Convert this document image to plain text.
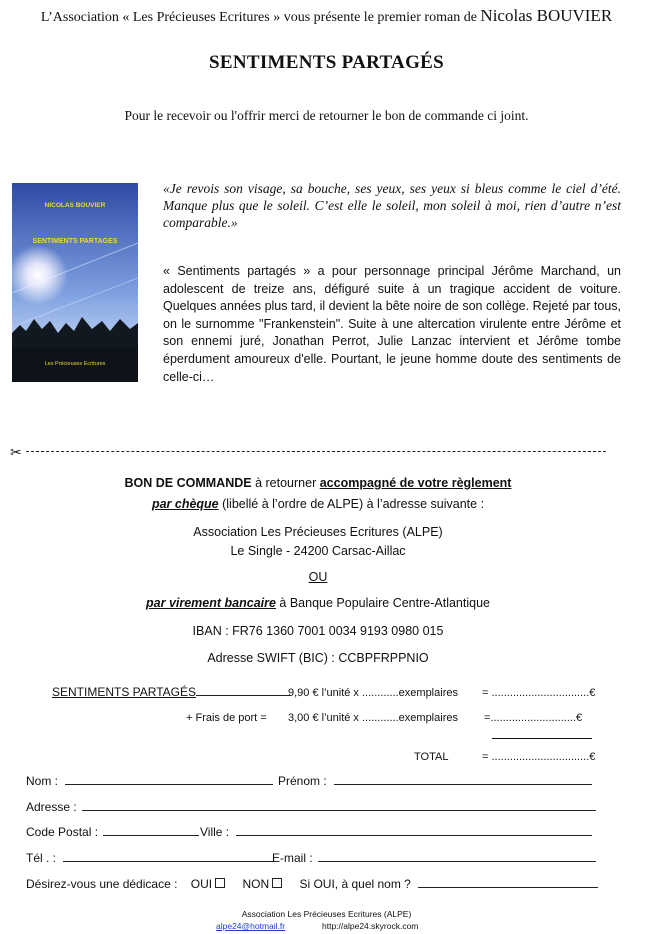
L’Association « Les Précieuses Ecritures » vous présente le premier roman de Nicolas BOUVIER
SENTIMENTS PARTAGÉS
Pour le recevoir ou l'offrir merci de retourner le bon de commande ci joint.
NICOLAS BOUVIER
SENTIMENTS PARTAGES
Les Précieuses Ecritures
«Je revois son visage, sa bouche, ses yeux, ses yeux si bleus comme le ciel d’été. Manque plus que le soleil. C’est elle le soleil, mon soleil à moi, rien d’autre n’est comparable.»
« Sentiments partagés » a pour personnage principal Jérôme Marchand, un adolescent de treize ans, défiguré suite à un tragique accident de voiture. Quelques années plus tard, il devient la bête noire de son collège. Rejeté par tous, on le surnomme "Frankenstein". Suite à une altercation virulente entre Jérôme et son ennemi juré, Jonathan Perrot, Julie Lanzac intervient et Jérôme tombe éperdument amoureux d'elle. Pourtant, le jeune homme doute des sentiments de celle-ci…
✂
BON DE COMMANDE à retourner accompagné de votre règlement
par chèque (libellé à l’ordre de ALPE) à l’adresse suivante :
Association Les Précieuses Ecritures (ALPE)
Le Single - 24200 Carsac-Aillac
OU
par virement bancaire à Banque Populaire Centre-Atlantique
IBAN : FR76 1360 7001 0034 9193 0980 015
Adresse SWIFT (BIC) : CCBPFRPPNIO
SENTIMENTS PARTAGÉS	9,90 € l’unité x ............exemplaires = ................................€
+ Frais de port = 3,00 € l’unité x ............exemplaires =............................€
TOTAL	= ................................€
Nom :	Prénom :
Adresse :
Code Postal :	Ville :
Tél . :	E-mail :
Désirez-vous une dédicace : OUI	NON	Si OUI, à quel nom ?
Association Les Précieuses Ecritures (ALPE)
alpe24@hotmail.fr	http://alpe24.skyrock.com
